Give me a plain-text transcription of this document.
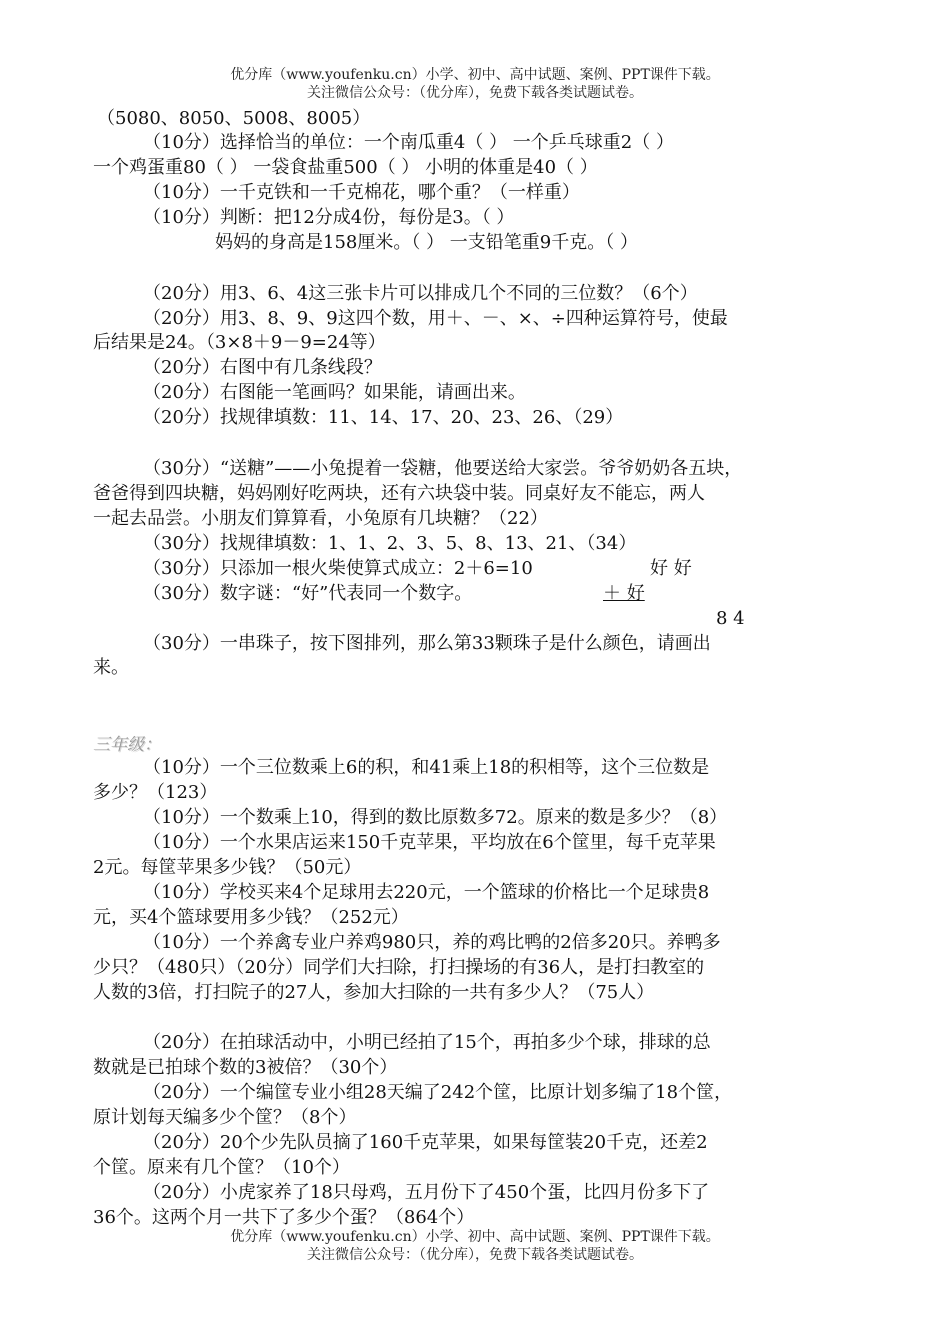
优分库（www.youfenku.cn）小学、初中、高中试题、案例、PPT课件下载。
关注微信公众号：（优分库），免费下载各类试题试卷。
（5080、8050、5008、8005）
（10分）选择恰当的单位：一个南瓜重4（ ） 一个乒乓球重2（ ）
一个鸡蛋重80（ ） 一袋食盐重500（ ） 小明的体重是40（ ）
（10分）一千克铁和一千克棉花，哪个重？（一样重）
（10分）判断：把12分成4份，每份是3。（ ）
妈妈的身高是158厘米。（ ） 一支铅笔重9千克。（ ）
（20分）用3、6、4这三张卡片可以排成几个不同的三位数？（6个）
（20分）用3、8、9、9这四个数，用＋、－、×、÷四种运算符号，使最
后结果是24。（3×8＋9－9=24等）
（20分）右图中有几条线段？
（20分）右图能一笔画吗？如果能，请画出来。
（20分）找规律填数：11、14、17、20、23、26、（29）
（30分）“送糖”——小兔提着一袋糖，他要送给大家尝。爷爷奶奶各五块，
爸爸得到四块糖，妈妈刚好吃两块，还有六块袋中装。同桌好友不能忘，两人
一起去品尝。小朋友们算算看，小兔原有几块糖？（22）
（30分）找规律填数：1、1、2、3、5、8、13、21、（34）
（30分）只添加一根火柴使算式成立：2＋6=10	好 好
（30分）数字谜：“好”代表同一个数字。	＋ 好
8 4
（30分）一串珠子，按下图排列，那么第33颗珠子是什么颜色，请画出
来。
三年级：
（10分）一个三位数乘上6的积，和41乘上18的积相等，这个三位数是
多少？（123）
（10分）一个数乘上10，得到的数比原数多72。原来的数是多少？（8）
（10分）一个水果店运来150千克苹果，平均放在6个筐里，每千克苹果
2元。每筐苹果多少钱？（50元）
（10分）学校买来4个足球用去220元，一个篮球的价格比一个足球贵8
元，买4个篮球要用多少钱？（252元）
（10分）一个养禽专业户养鸡980只，养的鸡比鸭的2倍多20只。养鸭多
少只？（480只）（20分）同学们大扫除，打扫操场的有36人，是打扫教室的
人数的3倍，打扫院子的27人，参加大扫除的一共有多少人？（75人）
（20分）在拍球活动中，小明已经拍了15个，再拍多少个球，排球的总
数就是已拍球个数的3被倍？（30个）
（20分）一个编筐专业小组28天编了242个筐，比原计划多编了18个筐，
原计划每天编多少个筐？（8个）
（20分）20个少先队员摘了160千克苹果，如果每筐装20千克，还差2
个筐。原来有几个筐？（10个）
（20分）小虎家养了18只母鸡，五月份下了450个蛋，比四月份多下了
36个。这两个月一共下了多少个蛋？（864个）
优分库（www.youfenku.cn）小学、初中、高中试题、案例、PPT课件下载。
关注微信公众号：（优分库），免费下载各类试题试卷。
